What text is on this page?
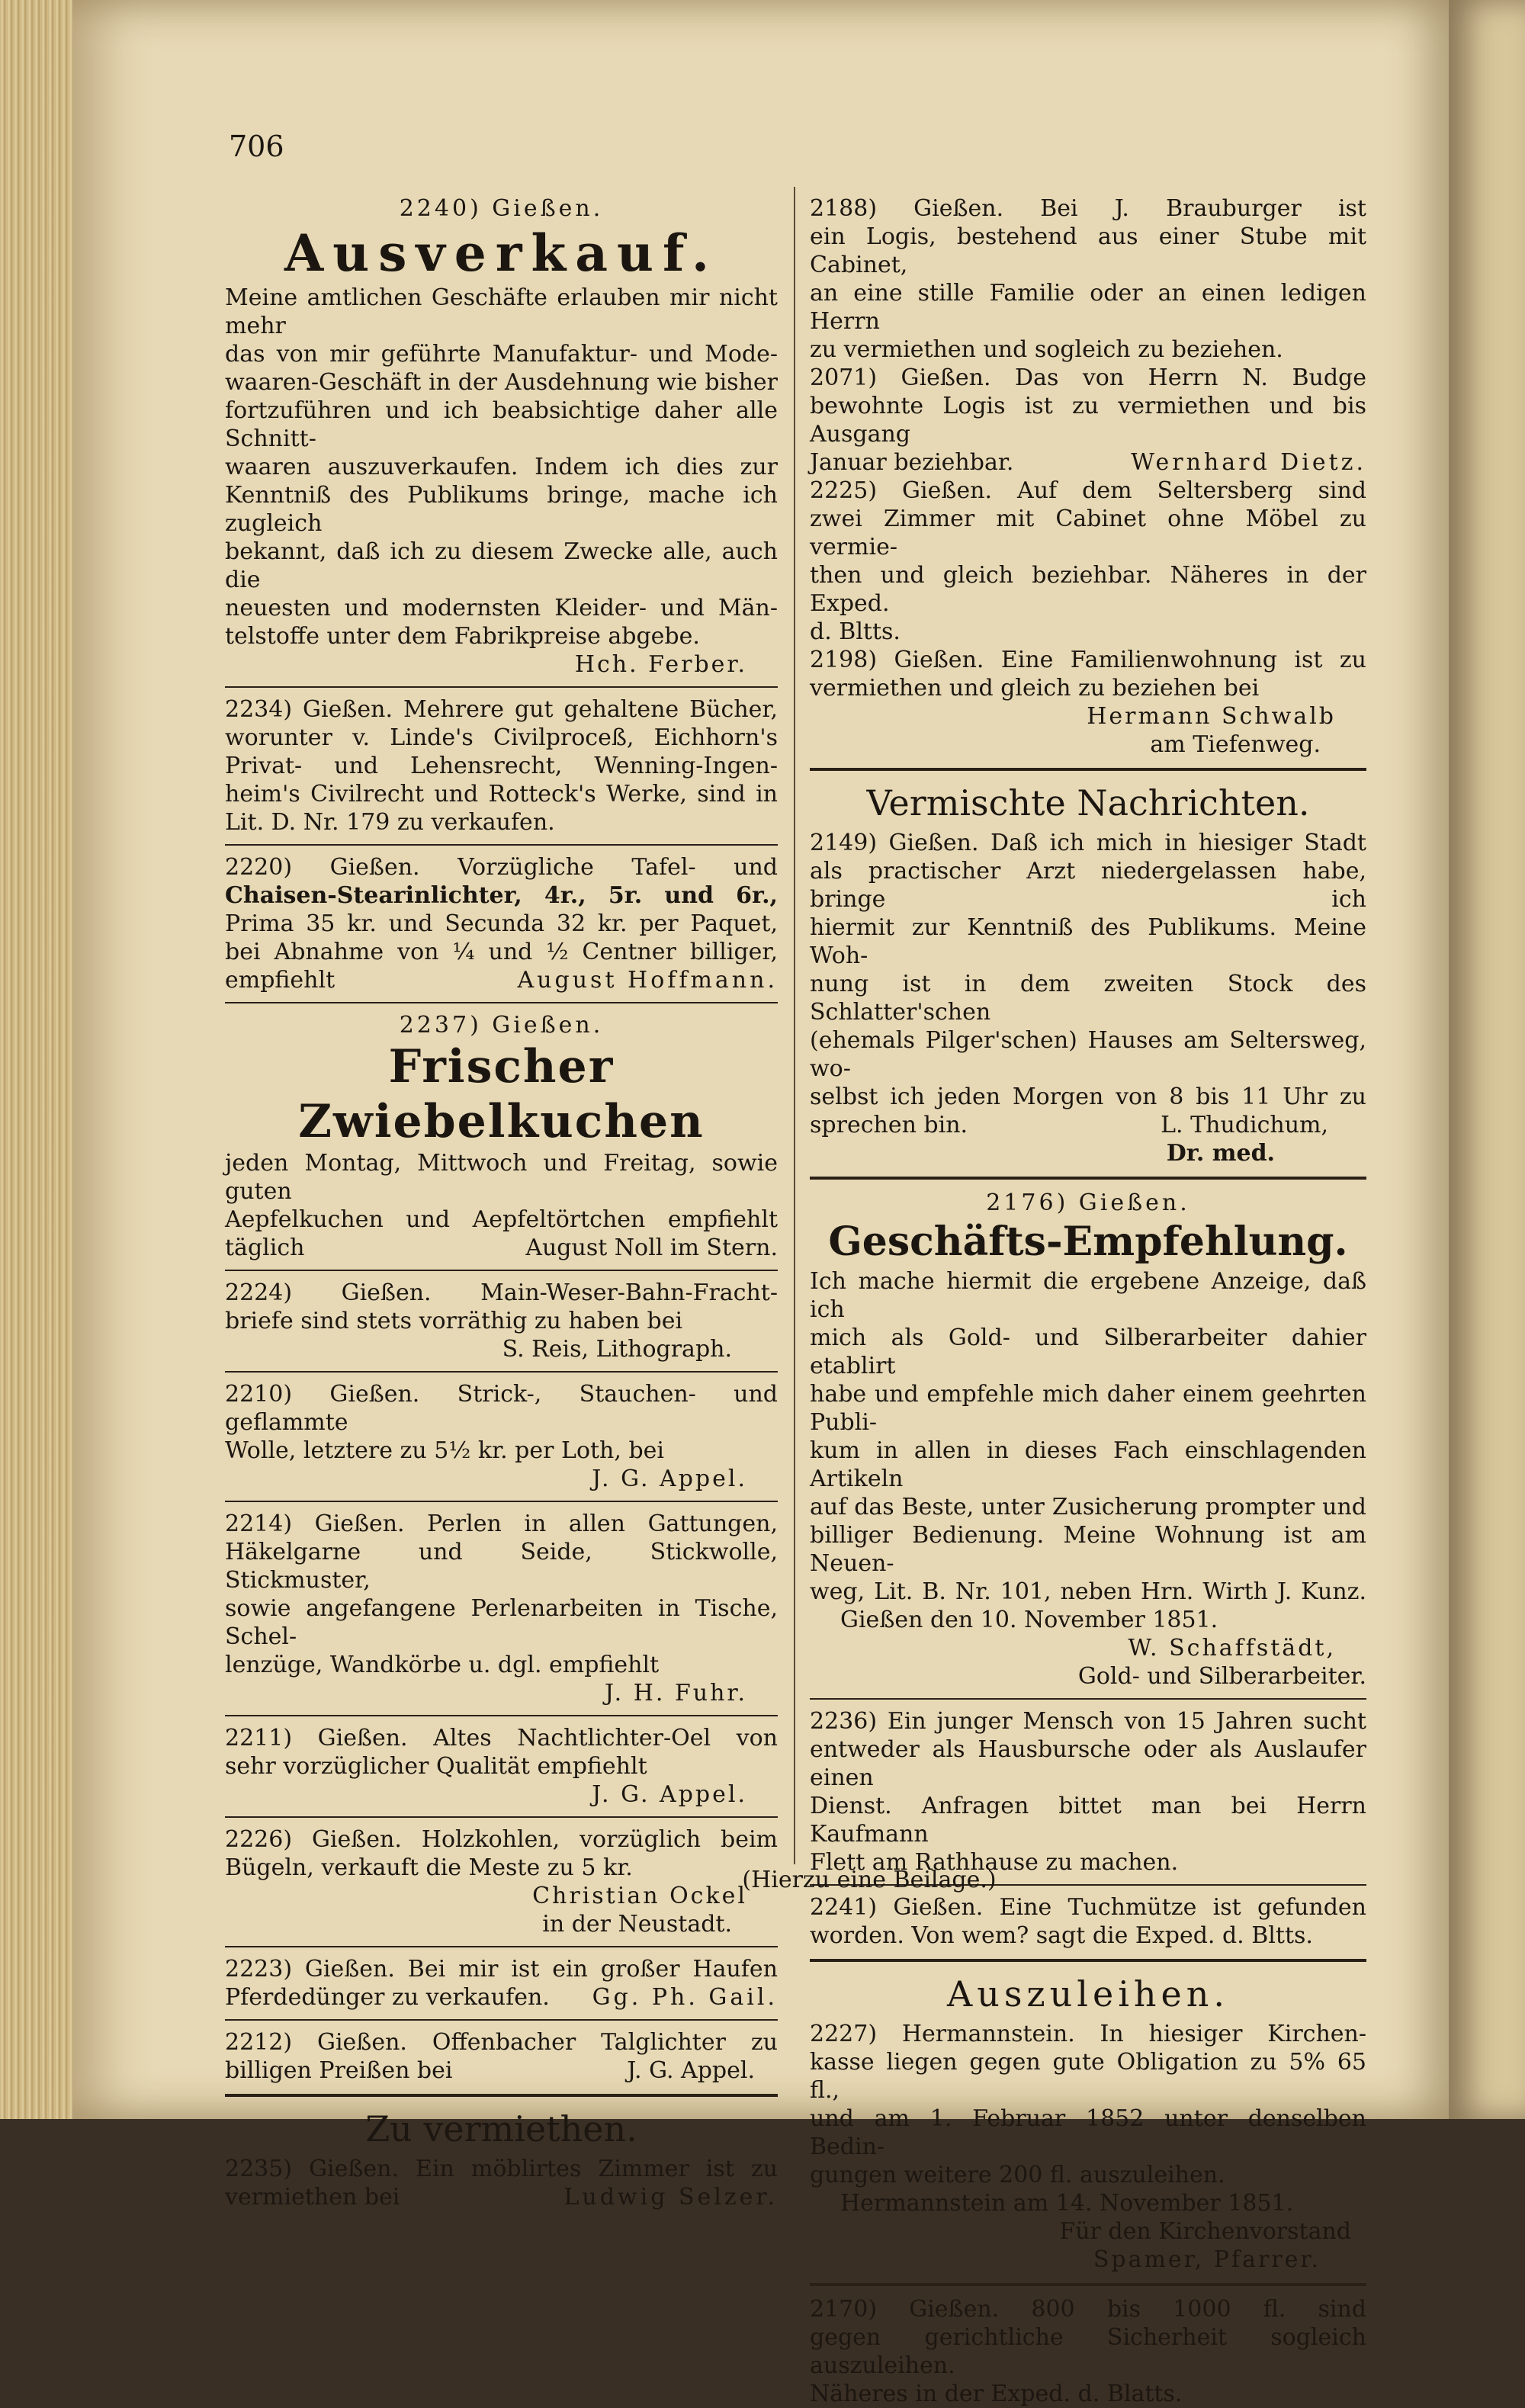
706

2240) Gießen.

Ausverkauf.

Meine amtlichen Geschäfte erlauben mir nicht mehr
das von mir geführte Manufaktur- und Mode-
waaren-Geschäft in der Ausdehnung wie bisher
fortzuführen und ich beabsichtige daher alle Schnitt-
waaren auszuverkaufen. Indem ich dies zur
Kenntniß des Publikums bringe, mache ich zugleich
bekannt, daß ich zu diesem Zwecke alle, auch die
neuesten und modernsten Kleider- und Män-
telstoffe unter dem Fabrikpreise abgebe.

Hch. Ferber.

2234) Gießen. Mehrere gut gehaltene Bücher,
worunter v. Linde's Civilproceß, Eichhorn's
Privat- und Lehensrecht, Wenning-Ingen-
heim's Civilrecht und Rotteck's Werke, sind in
Lit. D. Nr. 179 zu verkaufen.
2220) Gießen. Vorzügliche Tafel- und
Chaisen-Stearinlichter, 4r., 5r. und 6r.,
Prima 35 kr. und Secunda 32 kr. per Paquet,
bei Abnahme von ¼ und ½ Centner billiger,
empfiehlt	August Hoffmann.

2237) Gießen.

Frischer Zwiebelkuchen

jeden Montag, Mittwoch und Freitag, sowie guten
Aepfelkuchen und Aepfeltörtchen empfiehlt
täglich	August Noll im Stern.
2224) Gießen. Main-Weser-Bahn-Fracht-
briefe sind stets vorräthig zu haben bei

S. Reis, Lithograph.

2210) Gießen. Strick-, Stauchen- und geflammte
Wolle, letztere zu 5½ kr. per Loth, bei

J. G. Appel.

2214) Gießen. Perlen in allen Gattungen,
Häkelgarne und Seide, Stickwolle, Stickmuster,
sowie angefangene Perlenarbeiten in Tische, Schel-
lenzüge, Wandkörbe u. dgl. empfiehlt

J. H. Fuhr.

2211) Gießen. Altes Nachtlichter-Oel von
sehr vorzüglicher Qualität empfiehlt

J. G. Appel.

2226) Gießen. Holzkohlen, vorzüglich beim
Bügeln, verkauft die Meste zu 5 kr.

Christian Ockel

in der Neustadt.

2223) Gießen. Bei mir ist ein großer Haufen
Pferdedünger zu verkaufen. Gg. Ph. Gail.
2212) Gießen. Offenbacher Talglichter zu
billigen Preißen bei	J. G. Appel.

Zu vermiethen.

2235) Gießen. Ein möblirtes Zimmer ist zu
vermiethen bei	Ludwig Selzer.
2188) Gießen. Bei J. Brauburger ist
ein Logis, bestehend aus einer Stube mit Cabinet,
an eine stille Familie oder an einen ledigen Herrn
zu vermiethen und sogleich zu beziehen.
2071) Gießen. Das von Herrn N. Budge
bewohnte Logis ist zu vermiethen und bis Ausgang
Januar beziehbar.	Wernhard Dietz.
2225) Gießen. Auf dem Seltersberg sind
zwei Zimmer mit Cabinet ohne Möbel zu vermie-
then und gleich beziehbar. Näheres in der Exped.
d. Bltts.
2198) Gießen. Eine Familienwohnung ist zu
vermiethen und gleich zu beziehen bei

Hermann Schwalb

am Tiefenweg.

Vermischte Nachrichten.

2149) Gießen. Daß ich mich in hiesiger Stadt
als practischer Arzt niedergelassen habe, bringe ich
hiermit zur Kenntniß des Publikums. Meine Woh-
nung ist in dem zweiten Stock des Schlatter'schen
(ehemals Pilger'schen) Hauses am Seltersweg, wo-
selbst ich jeden Morgen von 8 bis 11 Uhr zu
sprechen bin.	L. Thudichum,

Dr. med.

2176) Gießen.

Geschäfts-Empfehlung.

Ich mache hiermit die ergebene Anzeige, daß ich
mich als Gold- und Silberarbeiter dahier etablirt
habe und empfehle mich daher einem geehrten Publi-
kum in allen in dieses Fach einschlagenden Artikeln
auf das Beste, unter Zusicherung prompter und
billiger Bedienung. Meine Wohnung ist am Neuen-
weg, Lit. B. Nr. 101, neben Hrn. Wirth J. Kunz.

Gießen den 10. November 1851.

W. Schaffstädt,

Gold- und Silberarbeiter.

2236) Ein junger Mensch von 15 Jahren sucht
entweder als Hausbursche oder als Auslaufer einen
Dienst. Anfragen bittet man bei Herrn Kaufmann
Flett am Rathhause zu machen.
2241) Gießen. Eine Tuchmütze ist gefunden
worden. Von wem? sagt die Exped. d. Bltts.

Auszuleihen.

2227) Hermannstein. In hiesiger Kirchen-
kasse liegen gegen gute Obligation zu 5% 65 fl.,
und am 1. Februar 1852 unter denselben Bedin-
gungen weitere 200 fl. auszuleihen.

Hermannstein am 14. November 1851.

Für den Kirchenvorstand

Spamer, Pfarrer.

2170) Gießen. 800 bis 1000 fl. sind
gegen gerichtliche Sicherheit sogleich auszuleihen.
Näheres in der Exped. d. Blatts.
(Hierzu eine Beilage.)
